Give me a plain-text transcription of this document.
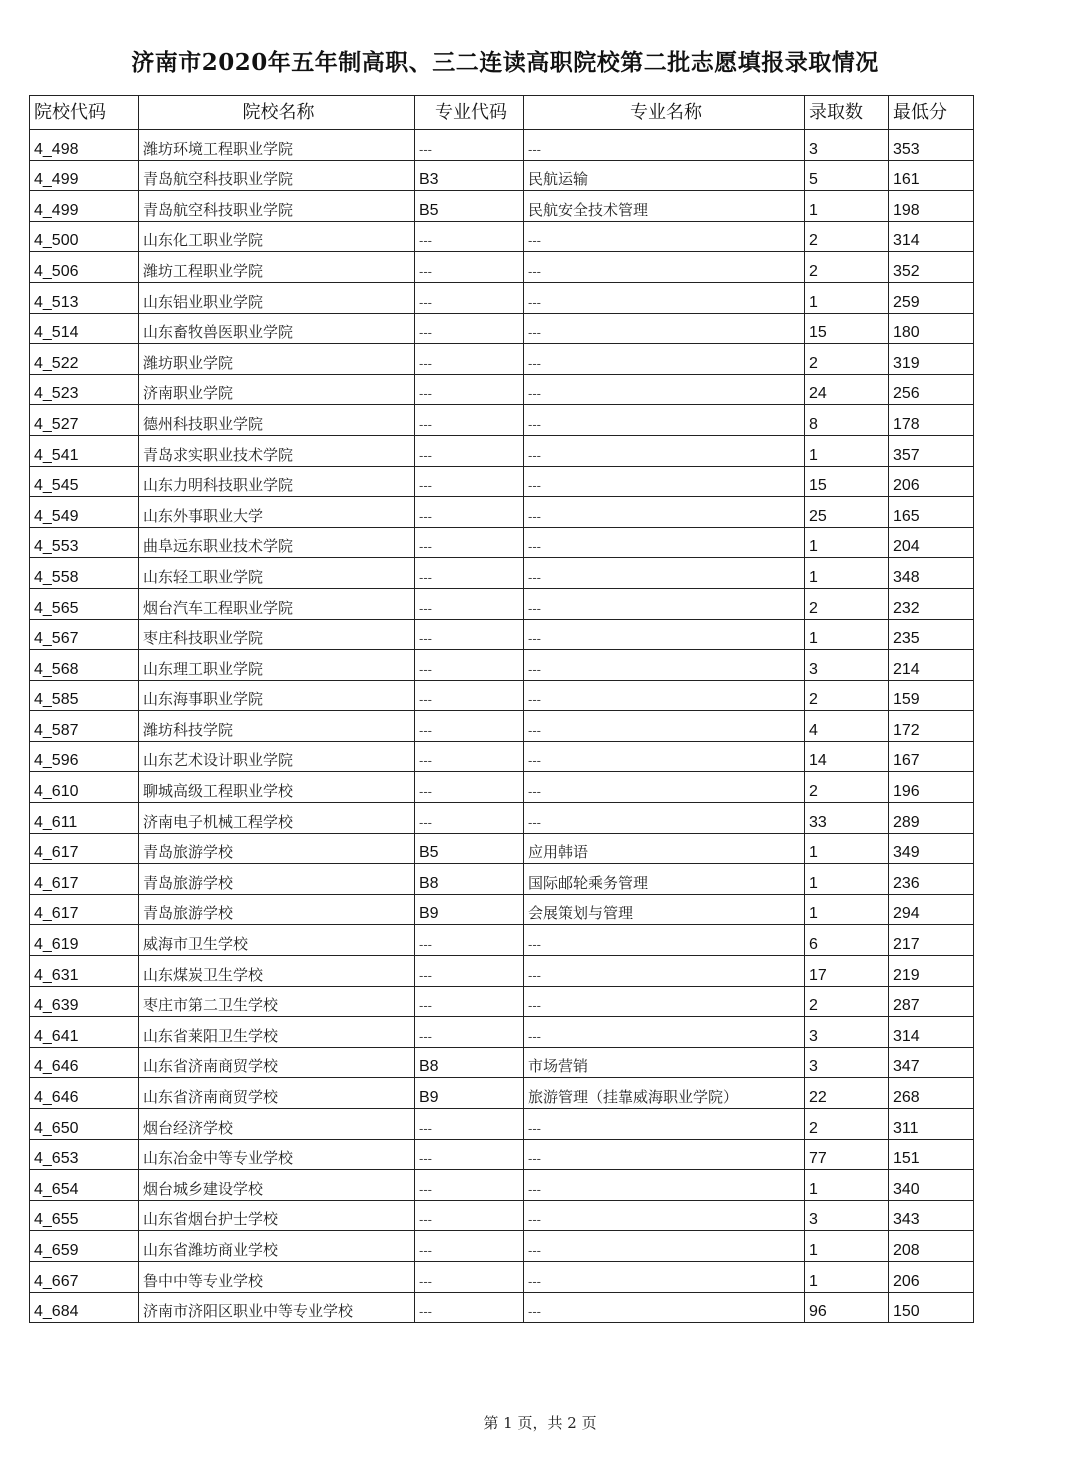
济南市2020年五年制高职、三二连读高职院校第二批志愿填报录取情况
院校代码	院校名称	专业代码	专业名称	录取数	最低分
4_498	潍坊环境工程职业学院	---	---	3	353
4_499	青岛航空科技职业学院	B3	民航运输	5	161
4_499	青岛航空科技职业学院	B5	民航安全技术管理	1	198
4_500	山东化工职业学院	---	---	2	314
4_506	潍坊工程职业学院	---	---	2	352
4_513	山东铝业职业学院	---	---	1	259
4_514	山东畜牧兽医职业学院	---	---	15	180
4_522	潍坊职业学院	---	---	2	319
4_523	济南职业学院	---	---	24	256
4_527	德州科技职业学院	---	---	8	178
4_541	青岛求实职业技术学院	---	---	1	357
4_545	山东力明科技职业学院	---	---	15	206
4_549	山东外事职业大学	---	---	25	165
4_553	曲阜远东职业技术学院	---	---	1	204
4_558	山东轻工职业学院	---	---	1	348
4_565	烟台汽车工程职业学院	---	---	2	232
4_567	枣庄科技职业学院	---	---	1	235
4_568	山东理工职业学院	---	---	3	214
4_585	山东海事职业学院	---	---	2	159
4_587	潍坊科技学院	---	---	4	172
4_596	山东艺术设计职业学院	---	---	14	167
4_610	聊城高级工程职业学校	---	---	2	196
4_611	济南电子机械工程学校	---	---	33	289
4_617	青岛旅游学校	B5	应用韩语	1	349
4_617	青岛旅游学校	B8	国际邮轮乘务管理	1	236
4_617	青岛旅游学校	B9	会展策划与管理	1	294
4_619	威海市卫生学校	---	---	6	217
4_631	山东煤炭卫生学校	---	---	17	219
4_639	枣庄市第二卫生学校	---	---	2	287
4_641	山东省莱阳卫生学校	---	---	3	314
4_646	山东省济南商贸学校	B8	市场营销	3	347
4_646	山东省济南商贸学校	B9	旅游管理（挂靠威海职业学院）	22	268
4_650	烟台经济学校	---	---	2	311
4_653	山东冶金中等专业学校	---	---	77	151
4_654	烟台城乡建设学校	---	---	1	340
4_655	山东省烟台护士学校	---	---	3	343
4_659	山东省潍坊商业学校	---	---	1	208
4_667	鲁中中等专业学校	---	---	1	206
4_684	济南市济阳区职业中等专业学校	---	---	96	150
第 1 页，共 2 页
